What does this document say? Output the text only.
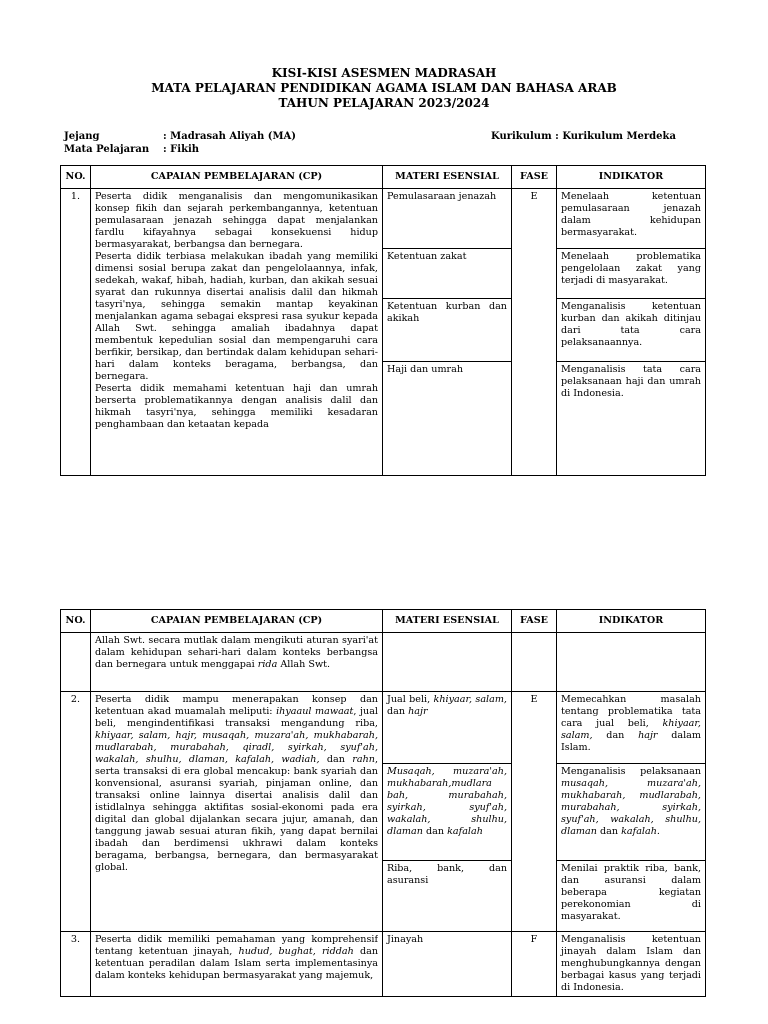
KISI-KISI ASESMEN MADRASAH
MATA PELAJARAN PENDIDIKAN AGAMA ISLAM DAN BAHASA ARAB
TAHUN PELAJARAN 2023/2024
Jejang	: Madrasah Aliyah (MA)	Kurikulum : Kurikulum Merdeka
Mata Pelajaran : Fikih
NO.	CAPAIAN PEMBELAJARAN (CP)	MATERI ESENSIAL	FASE	INDIKATOR
1.	Peserta didik menganalisis dan mengomunikasikan konsep fikih dan sejarah perkembangannya, ketentuan pemulasaraan jenazah sehingga dapat menjalankan fardlu kifayahnya sebagai konsekuensi hidup bermasyarakat, berbangsa dan bernegara.
Peserta didik terbiasa melakukan ibadah yang memiliki dimensi sosial berupa zakat dan pengelolaannya, infak, sedekah, wakaf, hibah, hadiah, kurban, dan akikah sesuai syarat dan rukunnya disertai analisis dalil dan hikmah tasyri'nya, sehingga semakin mantap keyakinan menjalankan agama sebagai ekspresi rasa syukur kepada Allah Swt. sehingga amaliah ibadahnya dapat membentuk kepedulian sosial dan mempengaruhi cara berfikir, bersikap, dan bertindak dalam kehidupan sehari-hari dalam konteks beragama, berbangsa, dan bernegara.
Peserta didik memahami ketentuan haji dan umrah berserta problematikannya dengan analisis dalil dan hikmah tasyri'nya, sehingga memiliki kesadaran penghambaan dan ketaatan kepada	Pemulasaraan jenazah	E	Menelaah ketentuan pemulasaraan jenazah dalam kehidupan bermasyarakat.
		Ketentuan zakat		Menelaah problematika pengelolaan zakat yang terjadi di masyarakat.
		Ketentuan kurban dan akikah		Menganalisis ketentuan kurban dan akikah ditinjau dari tata cara pelaksanaannya.
		Haji dan umrah		Menganalisis tata cara pelaksanaan haji dan umrah di Indonesia.
NO.	CAPAIAN PEMBELAJARAN (CP)	MATERI ESENSIAL	FASE	INDIKATOR
	Allah Swt. secara mutlak dalam mengikuti aturan syari'at dalam kehidupan sehari-hari dalam konteks berbangsa dan bernegara untuk menggapai rida Allah Swt.			
2.	Peserta didik mampu menerapakan konsep dan ketentuan akad muamalah meliputi: ihyaaul mawaat, jual beli, mengindentifikasi transaksi mengandung riba, khiyaar, salam, hajr, musaqah, muzara'ah, mukhabarah, mudlarabah, murabahah, qiradl, syirkah, syuf'ah, wakalah, shulhu, dlaman, kafalah, wadiah, dan rahn, serta transaksi di era global mencakup: bank syariah dan konvensional, asuransi syariah, pinjaman online, dan transaksi online lainnya disertai analisis dalil dan istidlalnya sehingga aktifitas sosial-ekonomi pada era digital dan global dijalankan secara jujur, amanah, dan tanggung jawab sesuai aturan fikih, yang dapat bernilai ibadah dan berdimensi ukhrawi dalam konteks beragama, berbangsa, bernegara, dan bermasyarakat global.	Jual beli, khiyaar, salam, dan hajr	E	Memecahkan masalah tentang problematika tata cara jual beli, khiyaar, salam, dan hajr dalam Islam.
		Musaqah, muzara'ah, mukhabarah,mudlara bah, murabahah, syirkah, syuf'ah, wakalah, shulhu, dlaman dan kafalah		Menganalisis pelaksanaan musaqah, muzara'ah, mukhabarah, mudlarabah, murabahah, syirkah, syuf'ah, wakalah, shulhu, dlaman dan kafalah.
		Riba, bank, dan asuransi		Menilai praktik riba, bank, dan asuransi dalam beberapa kegiatan perekonomian di masyarakat.
3.	Peserta didik memiliki pemahaman yang komprehensif tentang ketentuan jinayah, hudud, bughat, riddah dan ketentuan peradilan dalam Islam serta implementasinya dalam konteks kehidupan bermasyarakat yang majemuk,	Jinayah	F	Menganalisis ketentuan jinayah dalam Islam dan menghubungkannya dengan berbagai kasus yang terjadi di Indonesia.
